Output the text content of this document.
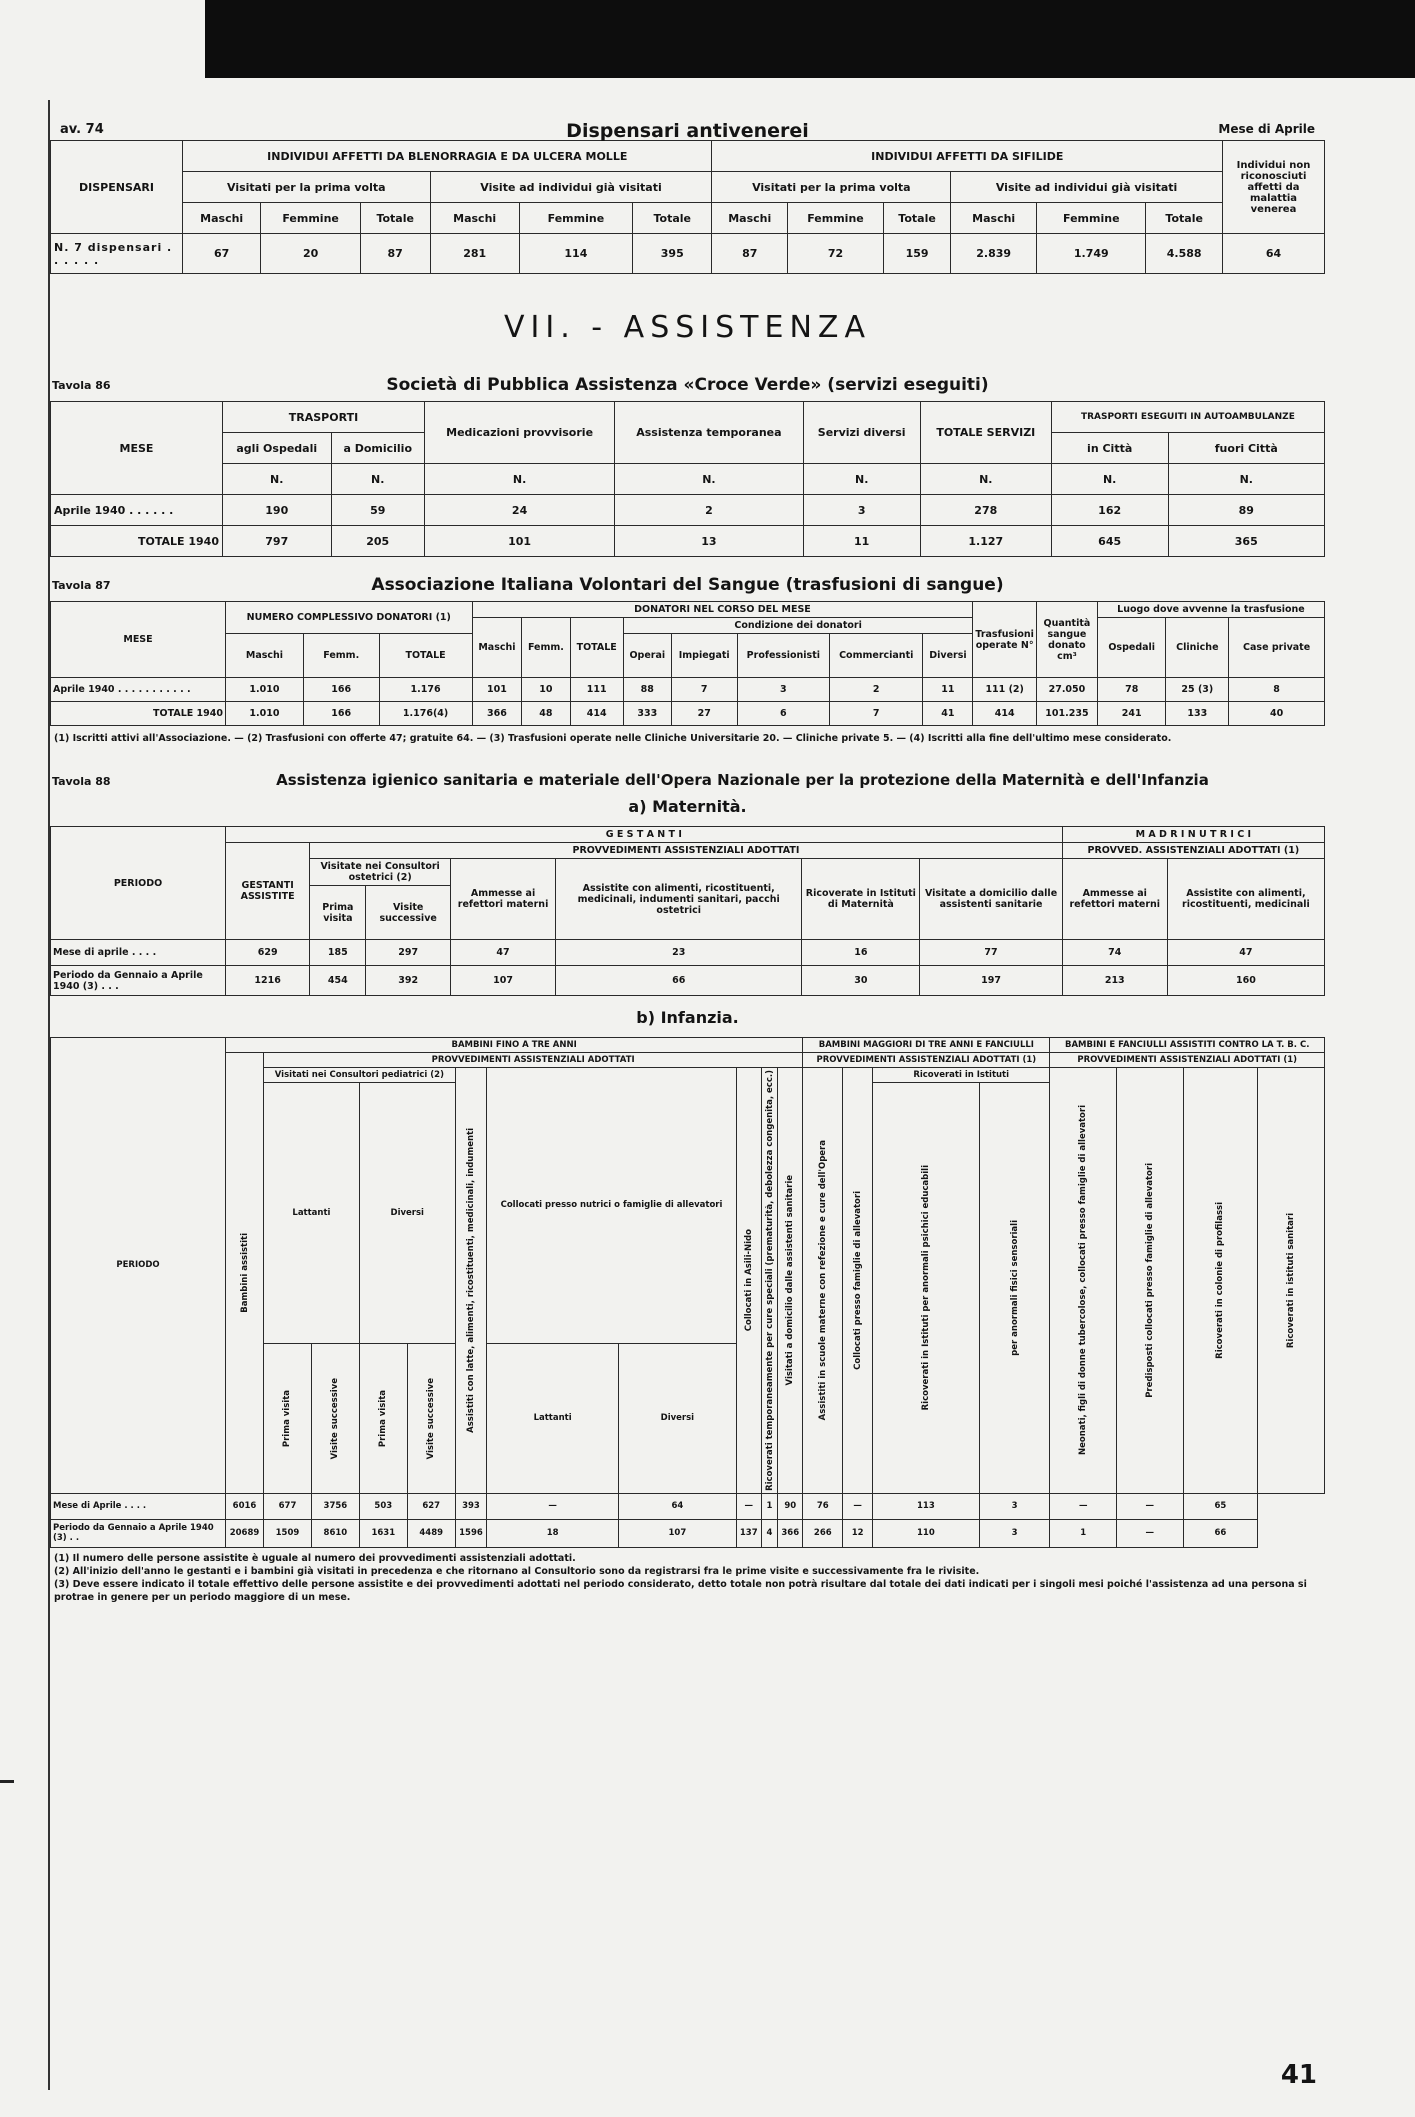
av. 74	Dispensari antivenerei	Mese di Aprile
DISPENSARI	INDIVIDUI AFFETTI DA BLENORRAGIA E DA ULCERA MOLLE						INDIVIDUI AFFETTI DA SIFILIDE						Individui non riconosciuti affetti da malattia venerea
	Visitati per la prima volta			Visite ad individui già visitati			Visitati per la prima volta			Visite ad individui già visitati			
	Maschi	Femmine	Totale	Maschi	Femmine	Totale	Maschi	Femmine	Totale	Maschi	Femmine	Totale	
N. 7 dispensari . . . . . .	67	20	87	281	114	395	87	72	159	2.839	1.749	4.588	64
VII. - ASSISTENZA
Tavola 86	Società di Pubblica Assistenza «Croce Verde» (servizi eseguiti)
MESE	TRASPORTI		Medicazioni provvisorie	Assistenza temporanea	Servizi diversi	TOTALE SERVIZI	TRASPORTI ESEGUITI IN AUTOAMBULANZE	
	agli Ospedali	a Domicilio					in Città	fuori Città
	N.	N.	N.	N.	N.	N.	N.	N.
Aprile 1940 . . . . . .	190	59	24	2	3	278	162	89
TOTALE 1940	797	205	101	13	11	1.127	645	365
Tavola 87	Associazione Italiana Volontari del Sangue (trasfusioni di sangue)
MESE	NUMERO COMPLESSIVO DONATORI (1)			DONATORI NEL CORSO DEL MESE								Trasfusioni operate N°	Quantità sangue donato cm³	Luogo dove avvenne la trasfusione		
				Maschi	Femm.	TOTALE	Condizione dei donatori							Ospedali	Cliniche	Case private
	Maschi	Femm.	TOTALE				Operai	Impiegati	Professionisti	Commercianti	Diversi					
Aprile 1940 . . . . . . . . . . .	1.010	166	1.176	101	10	111	88	7	3	2	11	111 (2)	27.050	78	25 (3)	8
TOTALE 1940	1.010	166	1.176(4)	366	48	414	333	27	6	7	41	414	101.235	241	133	40
(1) Iscritti attivi all'Associazione. — (2) Trasfusioni con offerte 47; gratuite 64. — (3) Trasfusioni operate nelle Cliniche Universitarie 20. — Cliniche private 5. — (4) Iscritti alla fine dell'ultimo mese considerato.
Tavola 88	Assistenza igienico sanitaria e materiale dell'Opera Nazionale per la protezione della Maternità e dell'Infanzia
a) Maternità.
PERIODO	G E S T A N T I							M A D R I N U T R I C I	
	GESTANTI ASSISTITE	PROVVEDIMENTI ASSISTENZIALI ADOTTATI						PROVVED. ASSISTENZIALI ADOTTATI (1)	
		Visitate nei Consultori ostetrici (2)		Ammesse ai refettori materni	Assistite con alimenti, ricostituenti, medicinali, indumenti sanitari, pacchi ostetrici	Ricoverate in Istituti di Maternità	Visitate a domicilio dalle assistenti sanitarie	Ammesse ai refettori materni	Assistite con alimenti, ricostituenti, medicinali
		Prima visita	Visite successive						
Mese di aprile . . . .	629	185	297	47	23	16	77	74	47
Periodo da Gennaio a Aprile 1940 (3) . . .	1216	454	392	107	66	30	197	213	160
b) Infanzia.
PERIODO	BAMBINI FINO A TRE ANNI											BAMBINI MAGGIORI DI TRE ANNI E FANCIULLI				BAMBINI E FANCIULLI ASSISTITI CONTRO LA T. B. C.			

	Bambini assistiti	PROVVEDIMENTI ASSISTENZIALI ADOTTATI										PROVVEDIMENTI ASSISTENZIALI ADOTTATI (1)				PROVVEDIMENTI ASSISTENZIALI ADOTTATI (1)			
		Visitati nei Consultori pediatrici (2)				Assistiti con latte, alimenti, ricostituenti, medicinali, indumenti	Collocati presso nutrici o famiglie di allevatori		Collocati in Asili-Nido	Ricoverati temporaneamente per cure speciali (prematurità, debolezza congenita, ecc.)	Visitati a domicilio dalle assistenti sanitarie	Assistiti in scuole materne con refezione e cure dell'Opera	Collocati presso famiglie di allevatori	Ricoverati in Istituti		Neonati, figli di donne tubercolose, collocati presso famiglie di allevatori	Predisposti collocati presso famiglie di allevatori	Ricoverati in colonie di profilassi	Ricoverati in istituti sanitari

		Lattanti		Diversi										Ricoverati in Istituti per anormali psichici educabili	per anormali fisici sensoriali				

		Prima visita	Visite successive	Prima visita	Visite successive		Lattanti	Diversi											
Mese di Aprile . . . .	6016	677	3756	503	627	393	—	64	—	1	90	76	—	113	3	—	—	65	
Periodo da Gennaio a Aprile 1940 (3) . .	20689	1509	8610	1631	4489	1596	18	107	137	4	366	266	12	110	3	1	—	66	
(1) Il numero delle persone assistite è uguale al numero dei provvedimenti assistenziali adottati.
(2) All'inizio dell'anno le gestanti e i bambini già visitati in precedenza e che ritornano al Consultorio sono da registrarsi fra le prime visite e successivamente fra le rivisite.
(3) Deve essere indicato il totale effettivo delle persone assistite e dei provvedimenti adottati nel periodo considerato, detto totale non potrà risultare dal totale dei dati indicati per i singoli mesi poiché l'assistenza ad una persona si protrae in genere per un periodo maggiore di un mese.
41
